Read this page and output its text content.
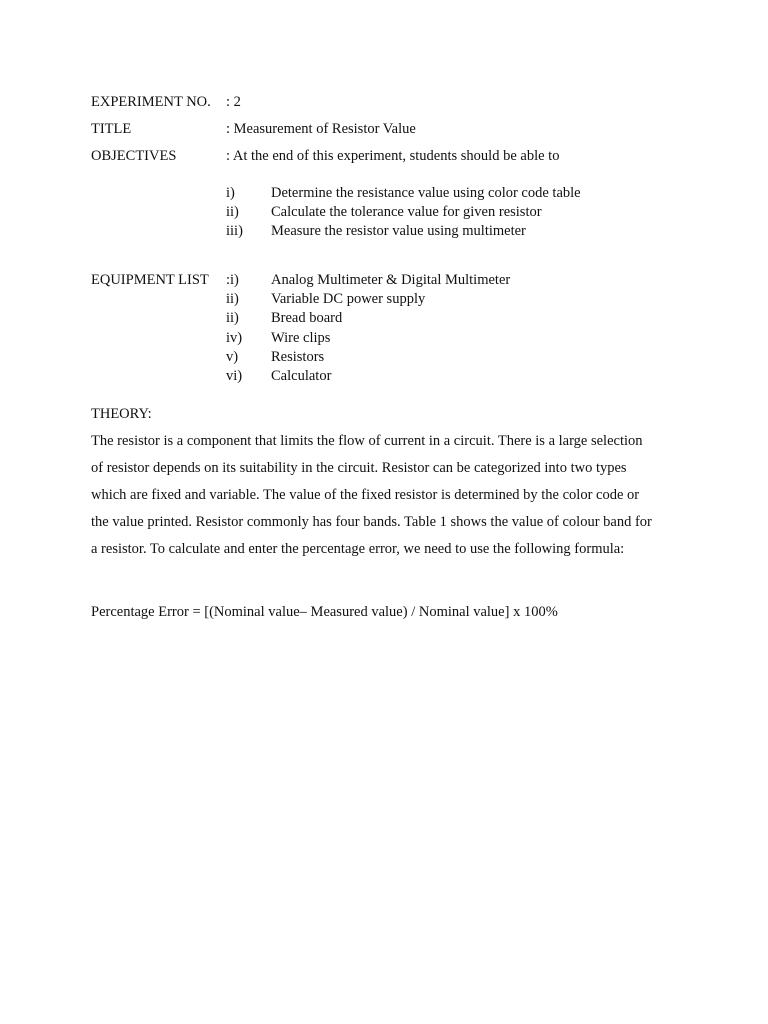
EXPERIMENT NO. : 2
TITLE	: Measurement of Resistor Value
OBJECTIVES	: At the end of this experiment, students should be able to
i) Determine the resistance value using color code table
ii) Calculate the tolerance value for given resistor
iii) Measure the resistor value using multimeter
EQUIPMENT LIST :i) Analog Multimeter & Digital Multimeter
ii) Variable DC power supply
ii) Bread board
iv) Wire clips
v) Resistors
vi) Calculator
THEORY:
The resistor is a component that limits the flow of current in a circuit. There is a large selection
of resistor depends on its suitability in the circuit. Resistor can be categorized into two types
which are fixed and variable. The value of the fixed resistor is determined by the color code or
the value printed. Resistor commonly has four bands. Table 1 shows the value of colour band for
a resistor. To calculate and enter the percentage error, we need to use the following formula:
Percentage Error = [(Nominal value– Measured value) / Nominal value] x 100%
